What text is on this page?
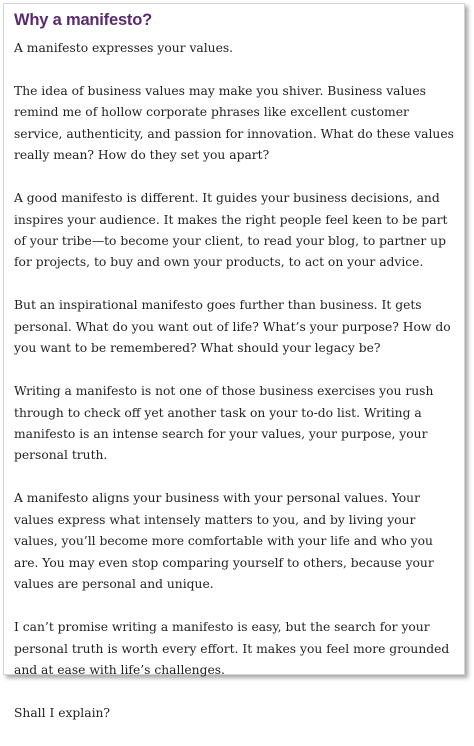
Why a manifesto?

A manifesto expresses your values.

The idea of business values may make you shiver. Business values remind me of hollow corporate phrases like excellent customer service, authenticity, and passion for innovation. What do these values really mean? How do they set you apart?

A good manifesto is different. It guides your business decisions, and inspires your audience. It makes the right people feel keen to be part of your tribe—to become your client, to read your blog, to partner up for projects, to buy and own your products, to act on your advice.

But an inspirational manifesto goes further than business. It gets personal. What do you want out of life? What’s your purpose? How do you want to be remembered? What should your legacy be?

Writing a manifesto is not one of those business exercises you rush through to check off yet another task on your to-do list. Writing a manifesto is an intense search for your values, your purpose, your personal truth.

A manifesto aligns your business with your personal values. Your values express what intensely matters to you, and by living your values, you’ll become more comfortable with your life and who you are. You may even stop comparing yourself to others, because your values are personal and unique.

I can’t promise writing a manifesto is easy, but the search for your personal truth is worth every effort. It makes you feel more grounded and at ease with life’s challenges.

Shall I explain?
